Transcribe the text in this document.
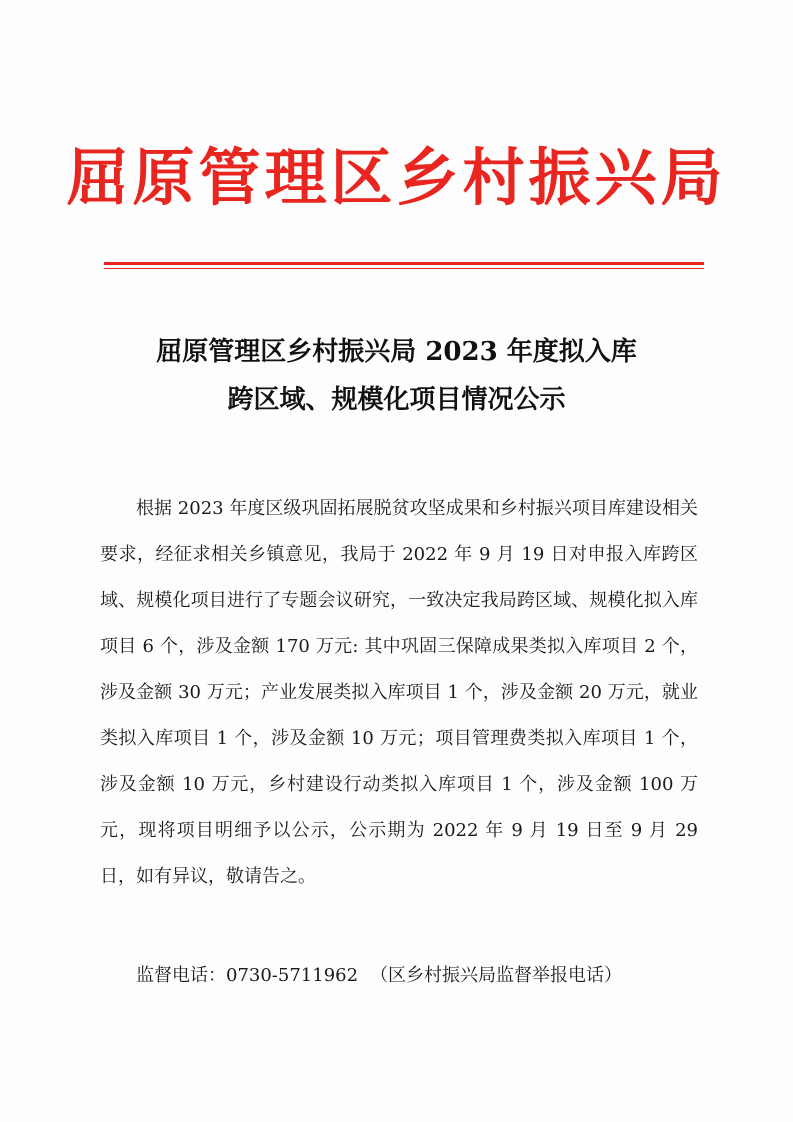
屈原管理区乡村振兴局
屈原管理区乡村振兴局 2023 年度拟入库
跨区域、规模化项目情况公示

根据 2023 年度区级巩固拓展脱贫攻坚成果和乡村振兴项目库建设相关要求，经征求相关乡镇意见，我局于 2022 年 9 月 19 日对申报入库跨区域、规模化项目进行了专题会议研究，一致决定我局跨区域、规模化拟入库项目 6 个，涉及金额 170 万元: 其中巩固三保障成果类拟入库项目 2 个，涉及金额 30 万元；产业发展类拟入库项目 1 个，涉及金额 20 万元，就业类拟入库项目 1 个，涉及金额 10 万元；项目管理费类拟入库项目 1 个，涉及金额 10 万元，乡村建设行动类拟入库项目 1 个，涉及金额 100 万元，现将项目明细予以公示，公示期为 2022 年 9 月 19 日至 9 月 29 日，如有异议，敬请告之。

监督电话：0730-5711962 （区乡村振兴局监督举报电话）
